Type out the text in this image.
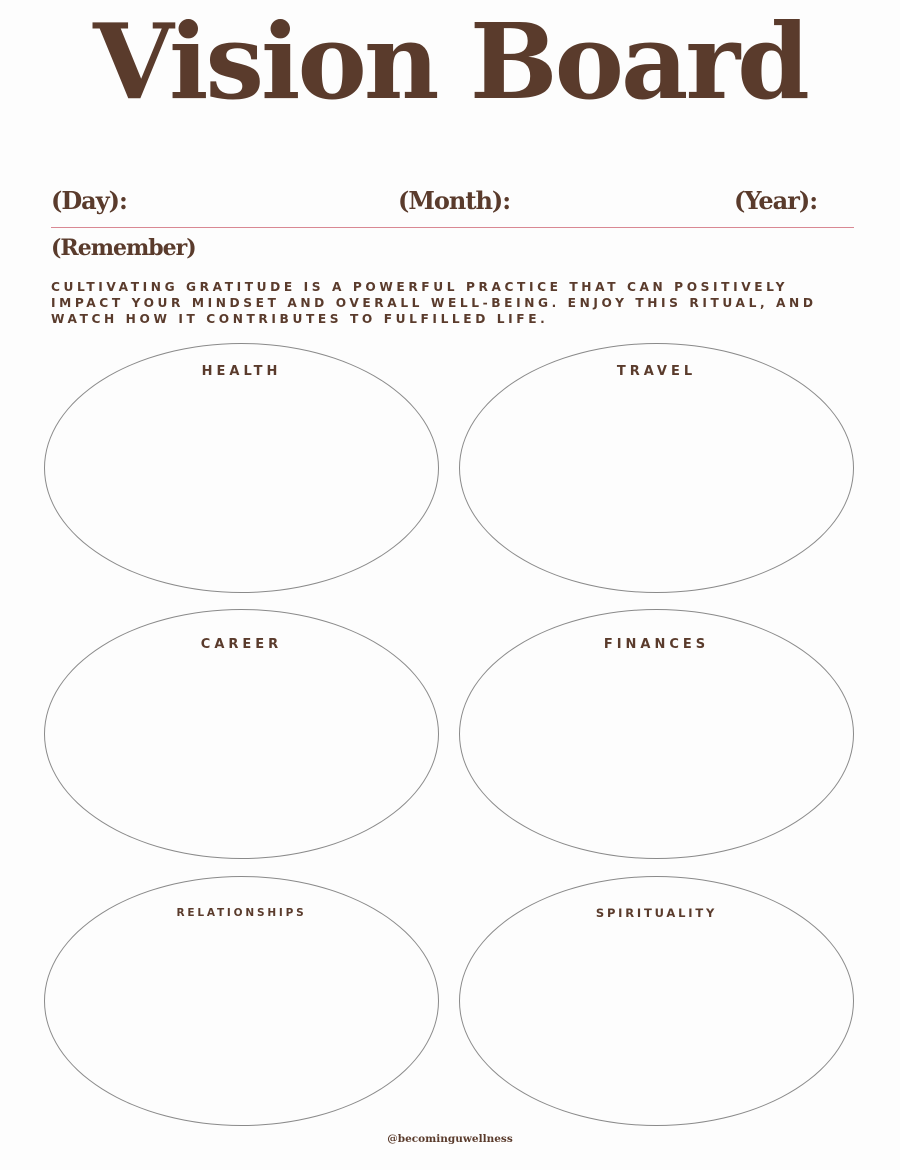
Vision Board
(Day):	(Month):	(Year):
(Remember)

CULTIVATING GRATITUDE IS A POWERFUL PRACTICE THAT CAN POSITIVELY IMPACT YOUR MINDSET AND OVERALL WELL-BEING. ENJOY THIS RITUAL, AND WATCH HOW IT CONTRIBUTES TO FULFILLED LIFE.

HEALTH	TRAVEL
CAREER	FINANCES
RELATIONSHIPS	SPIRITUALITY
@becominguwellness
